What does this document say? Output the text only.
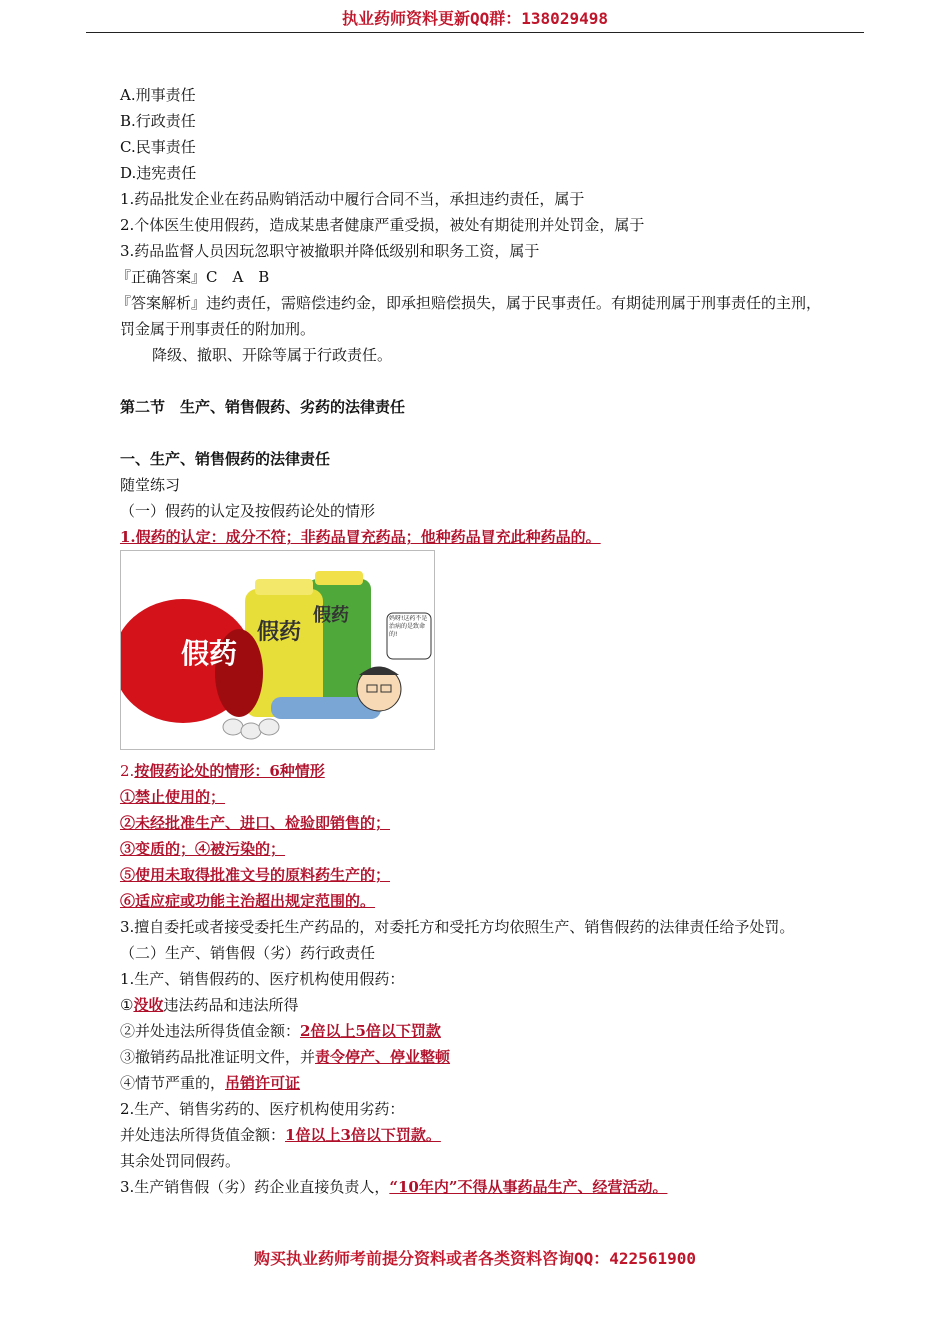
执业药师资料更新QQ群：138029498
A.刑事责任
B.行政责任
C.民事责任
D.违宪责任
1.药品批发企业在药品购销活动中履行合同不当，承担违约责任，属于
2.个体医生使用假药，造成某患者健康严重受损，被处有期徒刑并处罚金，属于
3.药品监督人员因玩忽职守被撤职并降低级别和职务工资，属于
『正确答案』C　A　B
『答案解析』违约责任，需赔偿违约金，即承担赔偿损失，属于民事责任。有期徒刑属于刑事责任的主刑，
罚金属于刑事责任的附加刑。
降级、撤职、开除等属于行政责任。
第二节　生产、销售假药、劣药的法律责任
一、生产、销售假药的法律责任
随堂练习
（一）假药的认定及按假药论处的情形
1.假药的认定：成分不符；非药品冒充药品；他种药品冒充此种药品的。
假药
假药
假药	妈呀!这药不是治病的是致命的!
2.按假药论处的情形：6种情形
①禁止使用的；
②未经批准生产、进口、检验即销售的；
③变质的；④被污染的；
⑤使用未取得批准文号的原料药生产的；
⑥适应症或功能主治超出规定范围的。
3.擅自委托或者接受委托生产药品的，对委托方和受托方均依照生产、销售假药的法律责任给予处罚。
（二）生产、销售假（劣）药行政责任
1.生产、销售假药的、医疗机构使用假药：
①没收违法药品和违法所得
②并处违法所得货值金额：2倍以上5倍以下罚款
③撤销药品批准证明文件，并责令停产、停业整顿
④情节严重的，吊销许可证
2.生产、销售劣药的、医疗机构使用劣药：
并处违法所得货值金额：1倍以上3倍以下罚款。
其余处罚同假药。
3.生产销售假（劣）药企业直接负责人，“10年内”不得从事药品生产、经营活动。
购买执业药师考前提分资料或者各类资料咨询QQ：422561900
